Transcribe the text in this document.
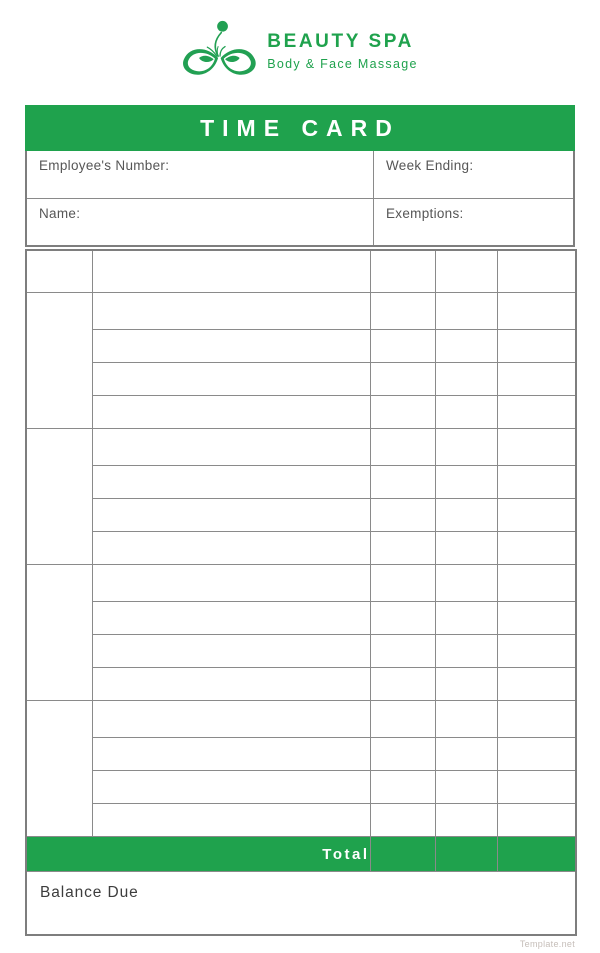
BEAUTY SPA
Body & Face Massage
TIME CARD
Employee's Number:	Week Ending:
Name:	Exemptions:
Date	Job Description	Hours	Rate	Amount

Total				
Balance Due				
Template.net
